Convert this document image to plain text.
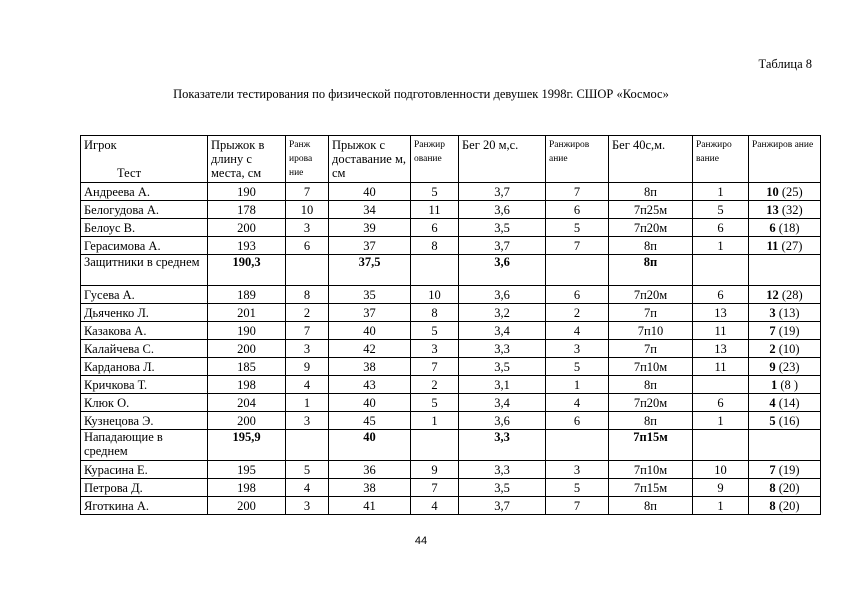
Таблица 8
Показатели тестирования по физической подготовленности девушек 1998г. СШОР «Космос»
Игрок
Тест	Прыжок в длину с места, см	Ранж ирова ние	Прыжок с доставание м, см	Ранжир ование	Бег 20 м,с.	Ранжиров ание	Бег 40с,м.	Ранжиро вание	Ранжиров ание
Андреева А.	190	7	40	5	3,7	7	8п	1	10 (25)
Белогудова А.	178	10	34	11	3,6	6	7п25м	5	13 (32)
Белоус В.	200	3	39	6	3,5	5	7п20м	6	6 (18)
Герасимова А.	193	6	37	8	3,7	7	8п	1	11 (27)
Защитники в среднем	190,3		37,5		3,6		8п		
Гусева А.	189	8	35	10	3,6	6	7п20м	6	12 (28)
Дьяченко Л.	201	2	37	8	3,2	2	7п	13	3 (13)
Казакова А.	190	7	40	5	3,4	4	7п10	11	7 (19)
Калайчева С.	200	3	42	3	3,3	3	7п	13	2 (10)
Карданова Л.	185	9	38	7	3,5	5	7п10м	11	9 (23)
Кричкова Т.	198	4	43	2	3,1	1	8п		1 (8 )
Клюк О.	204	1	40	5	3,4	4	7п20м	6	4 (14)
Кузнецова Э.	200	3	45	1	3,6	6	8п	1	5 (16)
Нападающие в среднем	195,9		40		3,3		7п15м		
Курасина Е.	195	5	36	9	3,3	3	7п10м	10	7 (19)
Петрова Д.	198	4	38	7	3,5	5	7п15м	9	8 (20)
Яготкина А.	200	3	41	4	3,7	7	8п	1	8 (20)
44
